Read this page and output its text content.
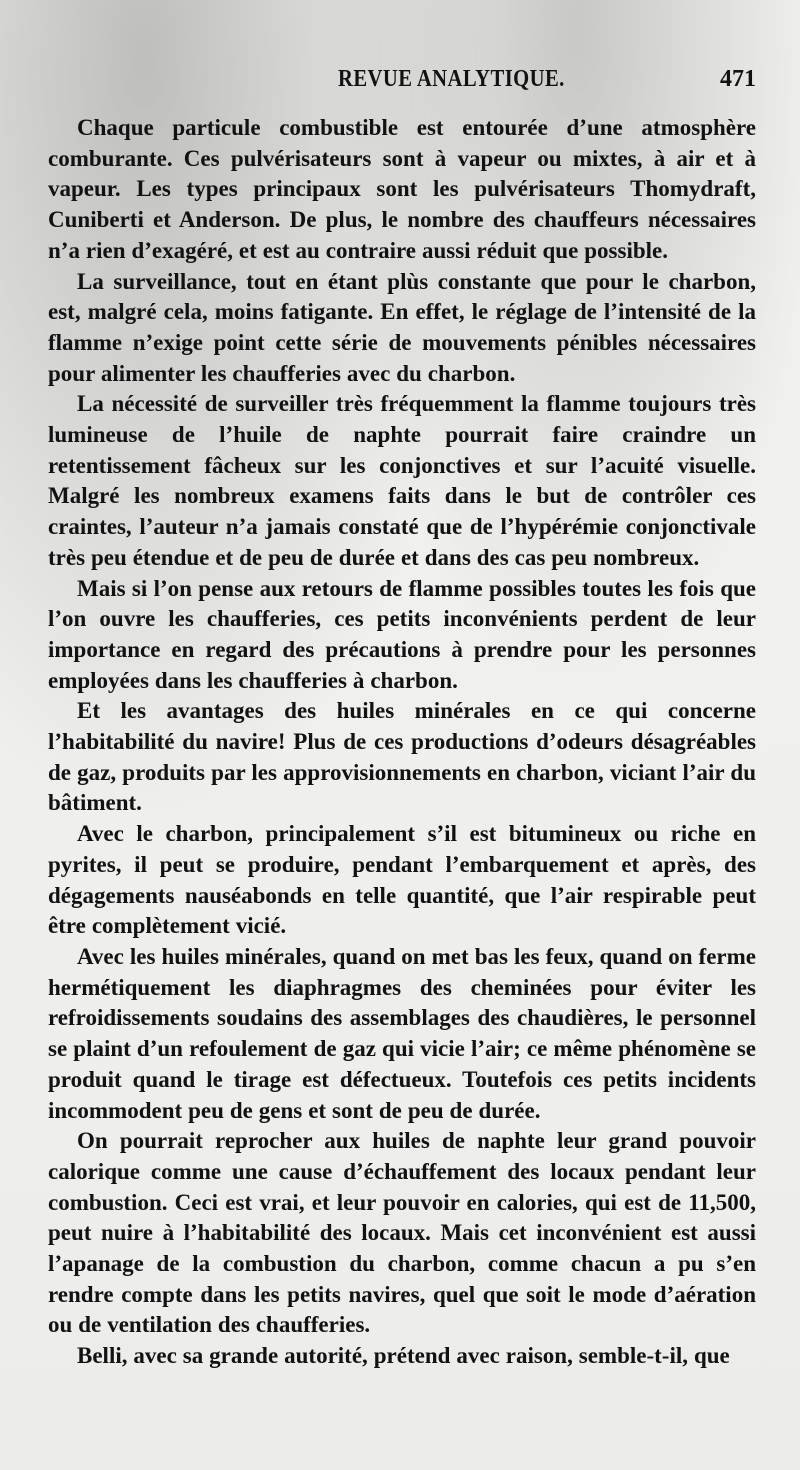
REVUE ANALYTIQUE.	471

Chaque particule combustible est entourée d’une atmosphère comburante. Ces pulvérisateurs sont à vapeur ou mixtes, à air et à vapeur. Les types principaux sont les pulvérisateurs Thomydraft, Cuniberti et Anderson. De plus, le nombre des chauffeurs nécessaires n’a rien d’exagéré, et est au contraire aussi réduit que possible.

La surveillance, tout en étant plùs constante que pour le charbon, est, malgré cela, moins fatigante. En effet, le réglage de l’intensité de la flamme n’exige point cette série de mouvements pénibles nécessaires pour alimenter les chaufferies avec du charbon.

La nécessité de surveiller très fréquemment la flamme toujours très lumineuse de l’huile de naphte pourrait faire craindre un retentissement fâcheux sur les conjonctives et sur l’acuité visuelle. Malgré les nombreux examens faits dans le but de contrôler ces craintes, l’auteur n’a jamais constaté que de l’hypérémie conjonctivale très peu étendue et de peu de durée et dans des cas peu nombreux.

Mais si l’on pense aux retours de flamme possibles toutes les fois que l’on ouvre les chaufferies, ces petits inconvénients perdent de leur importance en regard des précautions à prendre pour les personnes employées dans les chaufferies à charbon.

Et les avantages des huiles minérales en ce qui concerne l’habitabilité du navire! Plus de ces productions d’odeurs désagréables de gaz, produits par les approvisionnements en charbon, viciant l’air du bâtiment.

Avec le charbon, principalement s’il est bitumineux ou riche en pyrites, il peut se produire, pendant l’embarquement et après, des dégagements nauséabonds en telle quantité, que l’air respirable peut être complètement vicié.

Avec les huiles minérales, quand on met bas les feux, quand on ferme hermétiquement les diaphragmes des cheminées pour éviter les refroidissements soudains des assemblages des chaudières, le personnel se plaint d’un refoulement de gaz qui vicie l’air; ce même phénomène se produit quand le tirage est défectueux. Toutefois ces petits incidents incommodent peu de gens et sont de peu de durée.

On pourrait reprocher aux huiles de naphte leur grand pouvoir calorique comme une cause d’échauffement des locaux pendant leur combustion. Ceci est vrai, et leur pouvoir en calories, qui est de 11,500, peut nuire à l’habitabilité des locaux. Mais cet inconvénient est aussi l’apanage de la combustion du charbon, comme chacun a pu s’en rendre compte dans les petits navires, quel que soit le mode d’aération ou de ventilation des chaufferies.

Belli, avec sa grande autorité, prétend avec raison, semble-t-il, que
